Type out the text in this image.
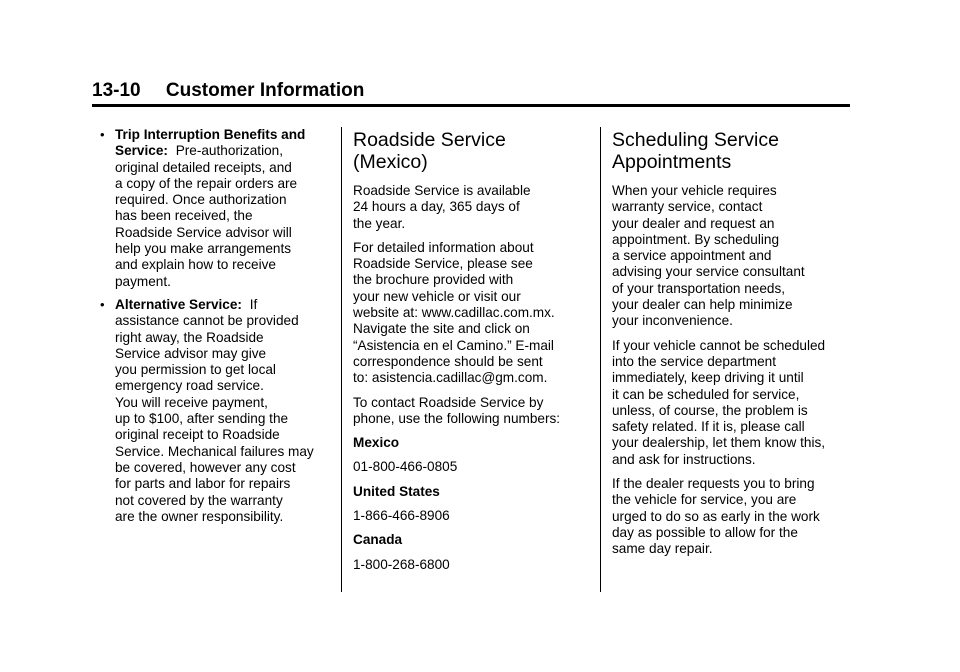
13-10 Customer Information
• Trip Interruption Benefits and
Service: Pre-authorization,
original detailed receipts, and
a copy of the repair orders are
required. Once authorization
has been received, the
Roadside Service advisor will
help you make arrangements
and explain how to receive
payment.
• Alternative Service: If
assistance cannot be provided
right away, the Roadside
Service advisor may give
you permission to get local
emergency road service.
You will receive payment,
up to $100, after sending the
original receipt to Roadside
Service. Mechanical failures may
be covered, however any cost
for parts and labor for repairs
not covered by the warranty
are the owner responsibility.
Roadside Service
(Mexico)

Roadside Service is available
24 hours a day, 365 days of
the year.

For detailed information about
Roadside Service, please see
the brochure provided with
your new vehicle or visit our
website at: www.cadillac.com.mx.
Navigate the site and click on
“Asistencia en el Camino.” E-mail
correspondence should be sent
to: asistencia.cadillac@gm.com.

To contact Roadside Service by
phone, use the following numbers:

Mexico

01-800-466-0805

United States

1-866-466-8906

Canada

1-800-268-6800

Scheduling Service
Appointments

When your vehicle requires
warranty service, contact
your dealer and request an
appointment. By scheduling
a service appointment and
advising your service consultant
of your transportation needs,
your dealer can help minimize
your inconvenience.

If your vehicle cannot be scheduled
into the service department
immediately, keep driving it until
it can be scheduled for service,
unless, of course, the problem is
safety related. If it is, please call
your dealership, let them know this,
and ask for instructions.

If the dealer requests you to bring
the vehicle for service, you are
urged to do so as early in the work
day as possible to allow for the
same day repair.
